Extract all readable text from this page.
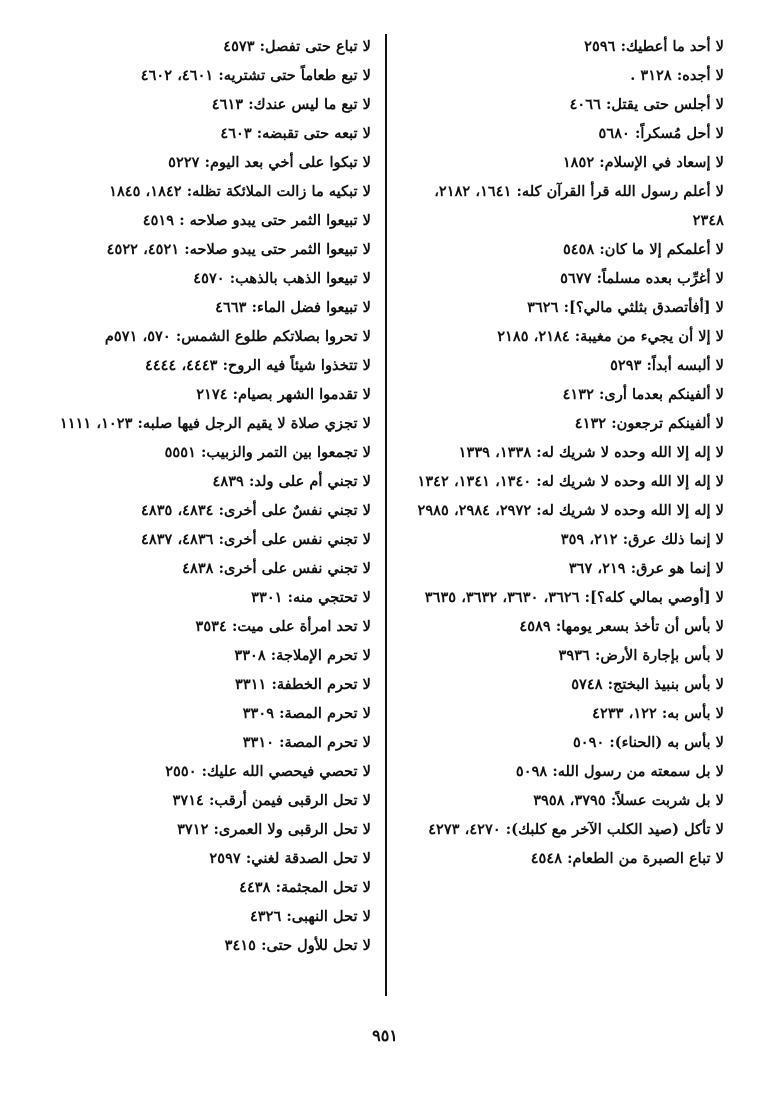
لا أحد ما أعطيك: ٢٥٩٦
لا أجده: ٣١٢٨ .
لا أجلس حتى يقتل: ٤٠٦٦
لا أحل مُسكراً: ٥٦٨٠
لا إسعاد في الإسلام: ١٨٥٢
لا أعلم رسول الله قرأ القرآن كله: ١٦٤١، ٢١٨٢، ٢٣٤٨
لا أعلمكم إلا ما كان: ٥٤٥٨
لا أغرِّب بعده مسلماً: ٥٦٧٧
لا [أفأتصدق بثلثي مالي؟]: ٣٦٢٦
لا إلا أن يجيء من مغيبة: ٢١٨٤، ٢١٨٥
لا ألبسه أبداً: ٥٢٩٣
لا ألفينكم بعدما أرى: ٤١٣٢
لا ألفينكم ترجعون: ٤١٣٢
لا إله إلا الله وحده لا شريك له: ١٣٣٨، ١٣٣٩
لا إله إلا الله وحده لا شريك له: ١٣٤٠، ١٣٤١، ١٣٤٢
لا إله إلا الله وحده لا شريك له: ٢٩٧٢، ٢٩٨٤، ٢٩٨٥
لا إنما ذلك عرق: ٢١٢، ٣٥٩
لا إنما هو عرق: ٢١٩، ٣٦٧
لا [أوصي بمالي كله؟]: ٣٦٢٦، ٣٦٣٠، ٣٦٣٢، ٣٦٣٥
لا بأس أن تأخذ بسعر يومها: ٤٥٨٩
لا بأس بإجارة الأرض: ٣٩٣٦
لا بأس بنبيذ البختج: ٥٧٤٨
لا بأس به: ١٢٢، ٤٢٣٣
لا بأس به (الحناء): ٥٠٩٠
لا بل سمعته من رسول الله: ٥٠٩٨
لا بل شربت عسلاً: ٣٧٩٥، ٣٩٥٨
لا تأكل (صيد الكلب الآخر مع كلبك): ٤٢٧٠، ٤٢٧٣
لا تباع الصبرة من الطعام: ٤٥٤٨
لا تباع حتى تفصل: ٤٥٧٣
لا تبع طعاماً حتى تشتريه: ٤٦٠١، ٤٦٠٢
لا تبع ما ليس عندك: ٤٦١٣
لا تبعه حتى تقبضه: ٤٦٠٣
لا تبكوا على أخي بعد اليوم: ٥٢٢٧
لا تبكيه ما زالت الملائكة تظله: ١٨٤٢، ١٨٤٥
لا تبيعوا الثمر حتى يبدو صلاحه : ٤٥١٩
لا تبيعوا الثمر حتى يبدو صلاحه: ٤٥٢١، ٤٥٢٢
لا تبيعوا الذهب بالذهب: ٤٥٧٠
لا تبيعوا فضل الماء: ٤٦٦٣
لا تحروا بصلاتكم طلوع الشمس: ٥٧٠، ٥٧١م
لا تتخذوا شيئاً فيه الروح: ٤٤٤٣، ٤٤٤٤
لا تقدموا الشهر بصيام: ٢١٧٤
لا تجزي صلاة لا يقيم الرجل فيها صلبه: ١٠٢٣، ١١١١
لا تجمعوا بين التمر والزبيب: ٥٥٥١
لا تجني أم على ولد: ٤٨٣٩
لا تجني نفسٌ على أخرى: ٤٨٣٤، ٤٨٣٥
لا تجني نفس على أخرى: ٤٨٣٦، ٤٨٣٧
لا تجني نفس على أخرى: ٤٨٣٨
لا تحتجي منه: ٣٣٠١
لا تحد امرأة على ميت: ٣٥٣٤
لا تحرم الإملاجة: ٣٣٠٨
لا تحرم الخطفة: ٣٣١١
لا تحرم المصة: ٣٣٠٩
لا تحرم المصة: ٣٣١٠
لا تحصي فيحصي الله عليك: ٢٥٥٠
لا تحل الرقبى فيمن أرقب: ٣٧١٤
لا تحل الرقبى ولا العمرى: ٣٧١٢
لا تحل الصدقة لغني: ٢٥٩٧
لا تحل المجثمة: ٤٤٣٨
لا تحل النهبى: ٤٣٢٦
لا تحل للأول حتى: ٣٤١٥
٩٥١
